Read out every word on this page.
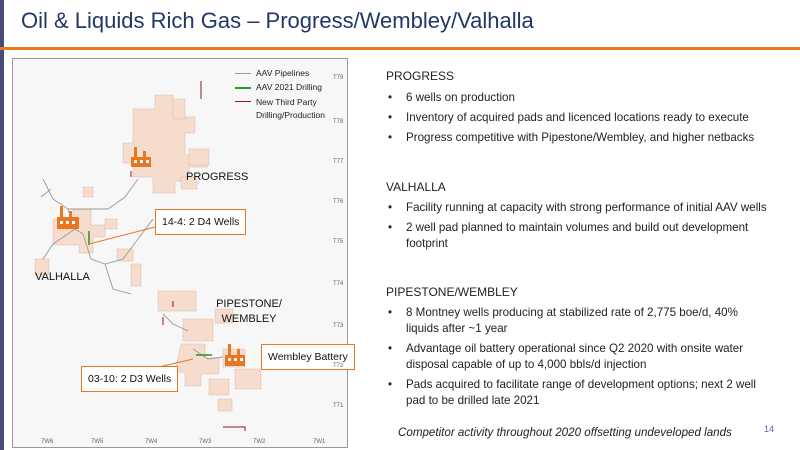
Oil & Liquids Rich Gas – Progress/Wembley/Valhalla
AAV Pipelines
AAV 2021 Drilling
New Third Party Drilling/Production
PROGRESS
VALHALLA
PIPESTONE/ WEMBLEY
14-4: 2 D4 Wells
03-10: 2 D3 Wells
Wembley Battery
7W6	7W5	7W4	7W3	7W2	7W1
T79
T78
T77
T76
T75
T74
T73
T72
T71
PROGRESS
• 6 wells on production
• Inventory of acquired pads and licenced locations ready to execute
• Progress competitive with Pipestone/Wembley, and higher netbacks
VALHALLA
• Facility running at capacity with strong performance of initial AAV wells
• 2 well pad planned to maintain volumes and build out development footprint
PIPESTONE/WEMBLEY
• 8 Montney wells producing at stabilized rate of 2,775 boe/d, 40% liquids after ~1 year
• Advantage oil battery operational since Q2 2020 with onsite water disposal capable of up to 4,000 bbls/d injection
• Pads acquired to facilitate range of development options; next 2 well pad to be drilled late 2021
Competitor activity throughout 2020 offsetting undeveloped lands	14
